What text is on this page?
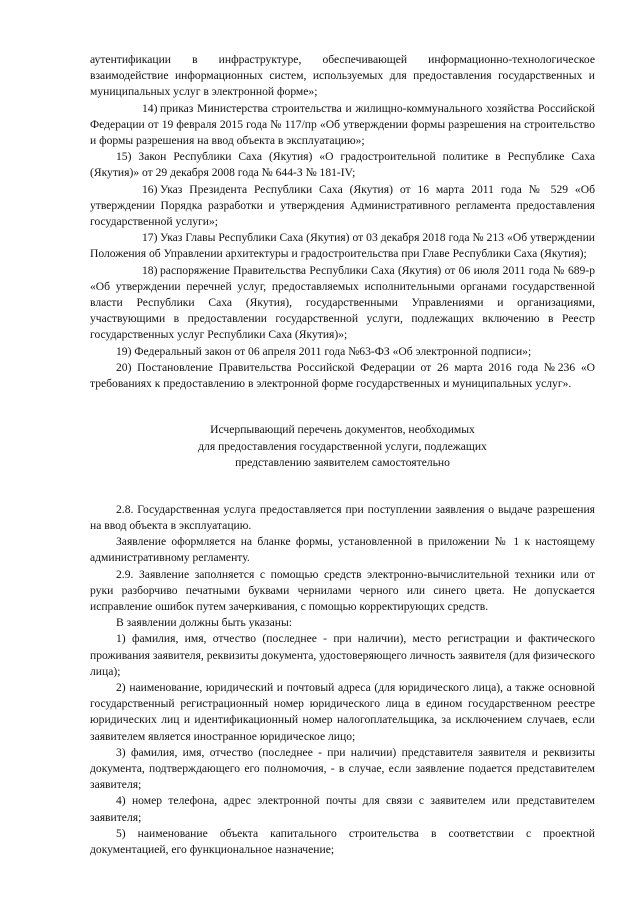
аутентификации в инфраструктуре, обеспечивающей информационно-технологическое взаимодействие информационных систем, используемых для предоставления государственных и муниципальных услуг в электронной форме»;

14) приказ Министерства строительства и жилищно-коммунального хозяйства Российской Федерации от 19 февраля 2015 года № 117/пр «Об утверждении формы разрешения на строительство и формы разрешения на ввод объекта в эксплуатацию»;

15) Закон Республики Саха (Якутия) «О градостроительной политике в Республике Саха (Якутия)» от 29 декабря 2008 года № 644-З № 181-IV;

16) Указ Президента Республики Саха (Якутия) от 16 марта 2011 года № 529 «Об утверждении Порядка разработки и утверждения Административного регламента предоставления государственной услуги»;

17) Указ Главы Республики Саха (Якутия) от 03 декабря 2018 года № 213 «Об утверждении Положения об Управлении архитектуры и градостроительства при Главе Республики Саха (Якутия);

18) распоряжение Правительства Республики Саха (Якутия) от 06 июля 2011 года № 689-р «Об утверждении перечней услуг, предоставляемых исполнительными органами государственной власти Республики Саха (Якутия), государственными Управлениями и организациями, участвующими в предоставлении государственной услуги, подлежащих включению в Реестр государственных услуг Республики Саха (Якутия)»;

19) Федеральный закон от 06 апреля 2011 года №63-ФЗ «Об электронной подписи»;

20) Постановление Правительства Российской Федерации от 26 марта 2016 года №236 «О требованиях к предоставлению в электронной форме государственных и муниципальных услуг».

Исчерпывающий перечень документов, необходимых

для предоставления государственной услуги, подлежащих

представлению заявителем самостоятельно

2.8. Государственная услуга предоставляется при поступлении заявления о выдаче разрешения на ввод объекта в эксплуатацию.

Заявление оформляется на бланке формы, установленной в приложении № 1 к настоящему административному регламенту.

2.9. Заявление заполняется с помощью средств электронно-вычислительной техники или от руки разборчиво печатными буквами чернилами черного или синего цвета. Не допускается исправление ошибок путем зачеркивания, с помощью корректирующих средств.

В заявлении должны быть указаны:

1) фамилия, имя, отчество (последнее - при наличии), место регистрации и фактического проживания заявителя, реквизиты документа, удостоверяющего личность заявителя (для физического лица);

2) наименование, юридический и почтовый адреса (для юридического лица), а также основной государственный регистрационный номер юридического лица в едином государственном реестре юридических лиц и идентификационный номер налогоплательщика, за исключением случаев, если заявителем является иностранное юридическое лицо;

3) фамилия, имя, отчество (последнее - при наличии) представителя заявителя и реквизиты документа, подтверждающего его полномочия, - в случае, если заявление подается представителем заявителя;

4) номер телефона, адрес электронной почты для связи с заявителем или представителем заявителя;

5) наименование объекта капитального строительства в соответствии с проектной документацией, его функциональное назначение;
